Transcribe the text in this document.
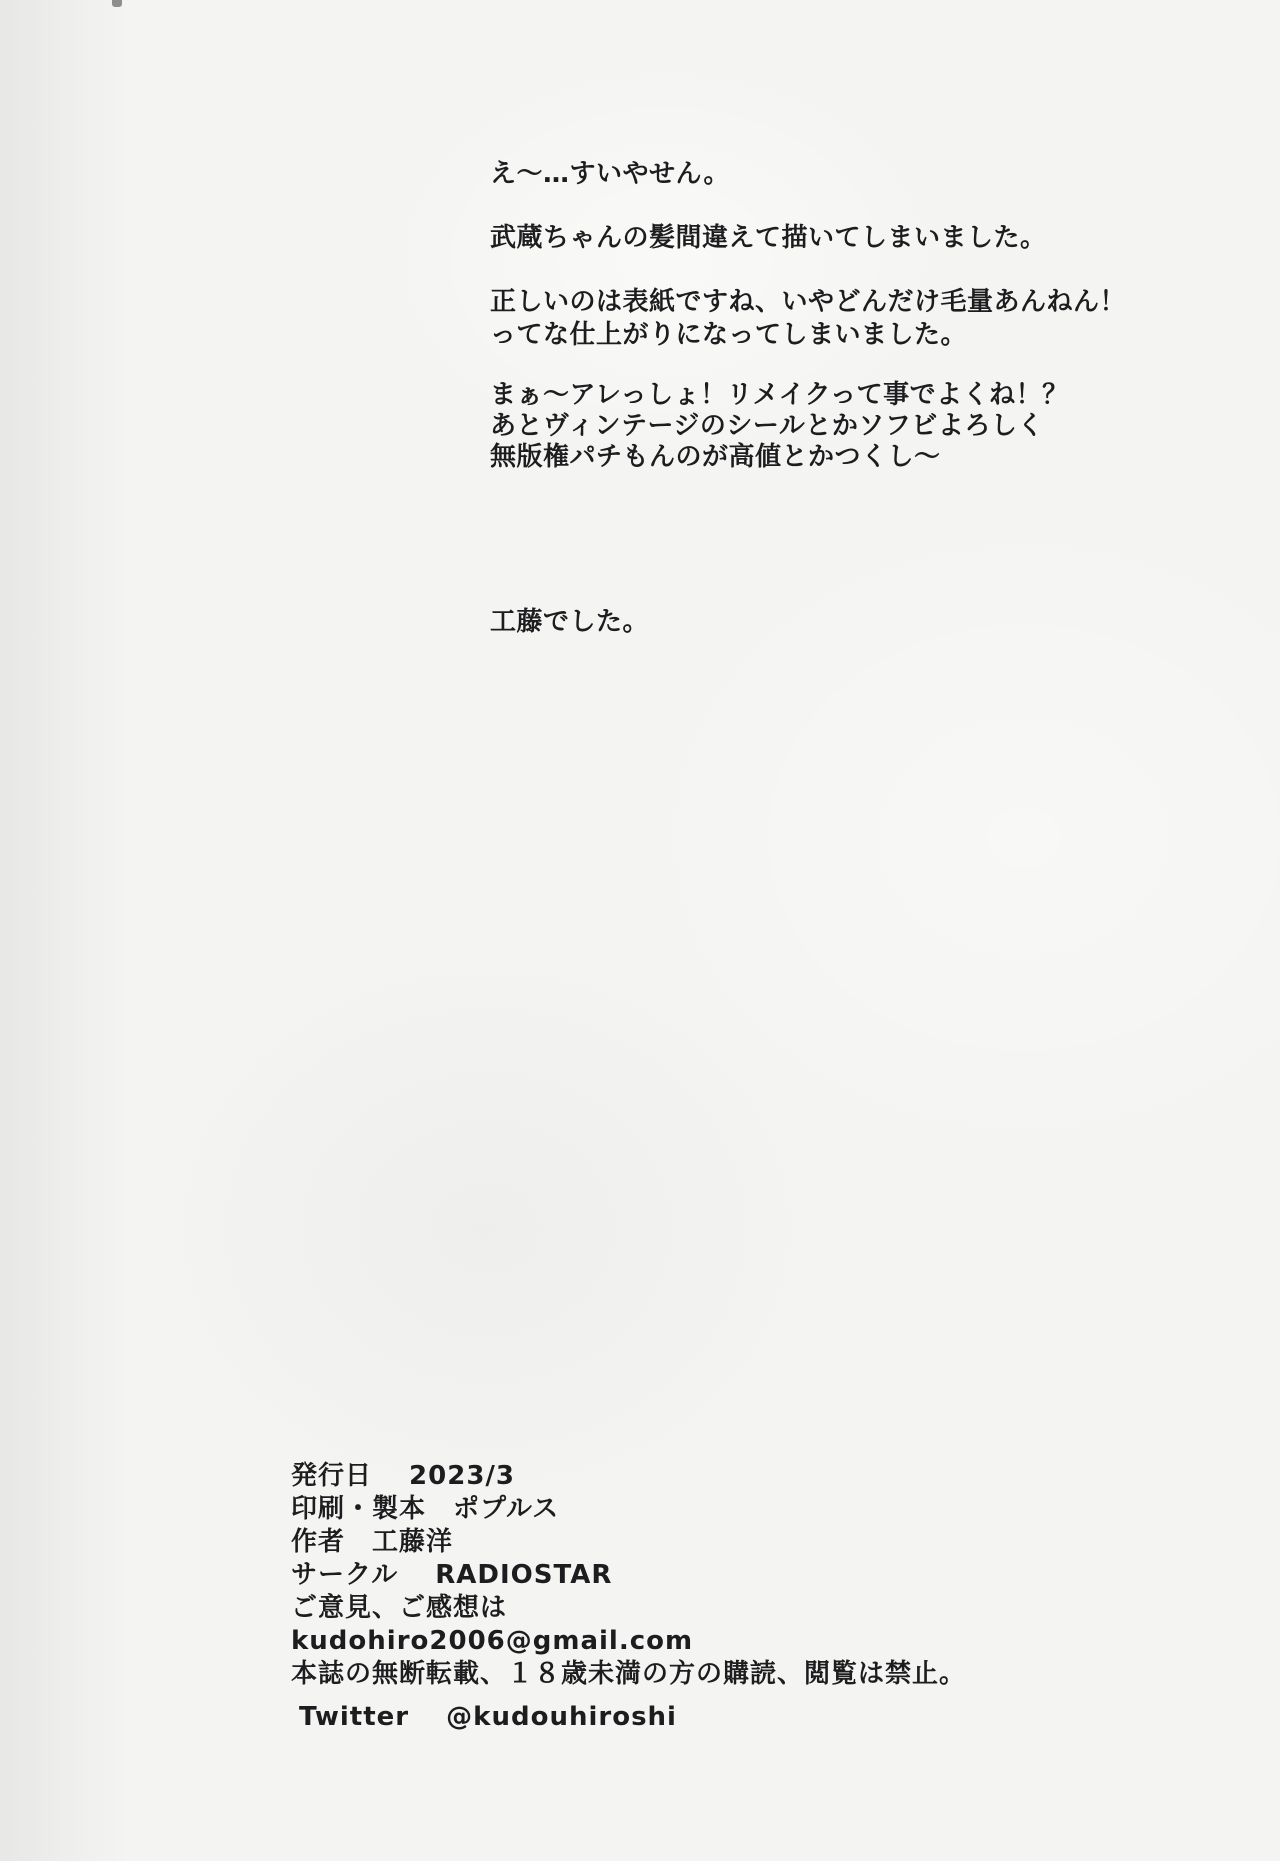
え〜…すいやせん。
武蔵ちゃんの髪間違えて描いてしまいました。
正しいのは表紙ですね、いやどんだけ毛量あんねん！
ってな仕上がりになってしまいました。
まぁ〜アレっしょ！リメイクって事でよくね！？
あとヴィンテージのシールとかソフビよろしく
無版権パチもんのが高値とかつくし〜
工藤でした。
発行日　 2023/3
印刷・製本　ポプルス
作者　工藤洋
サークル　 RADIOSTAR
ご意見、ご感想は
kudohiro2006@gmail.com
本誌の無断転載、１８歳未満の方の購読、閲覧は禁止。
Twitter　 @kudouhiroshi
